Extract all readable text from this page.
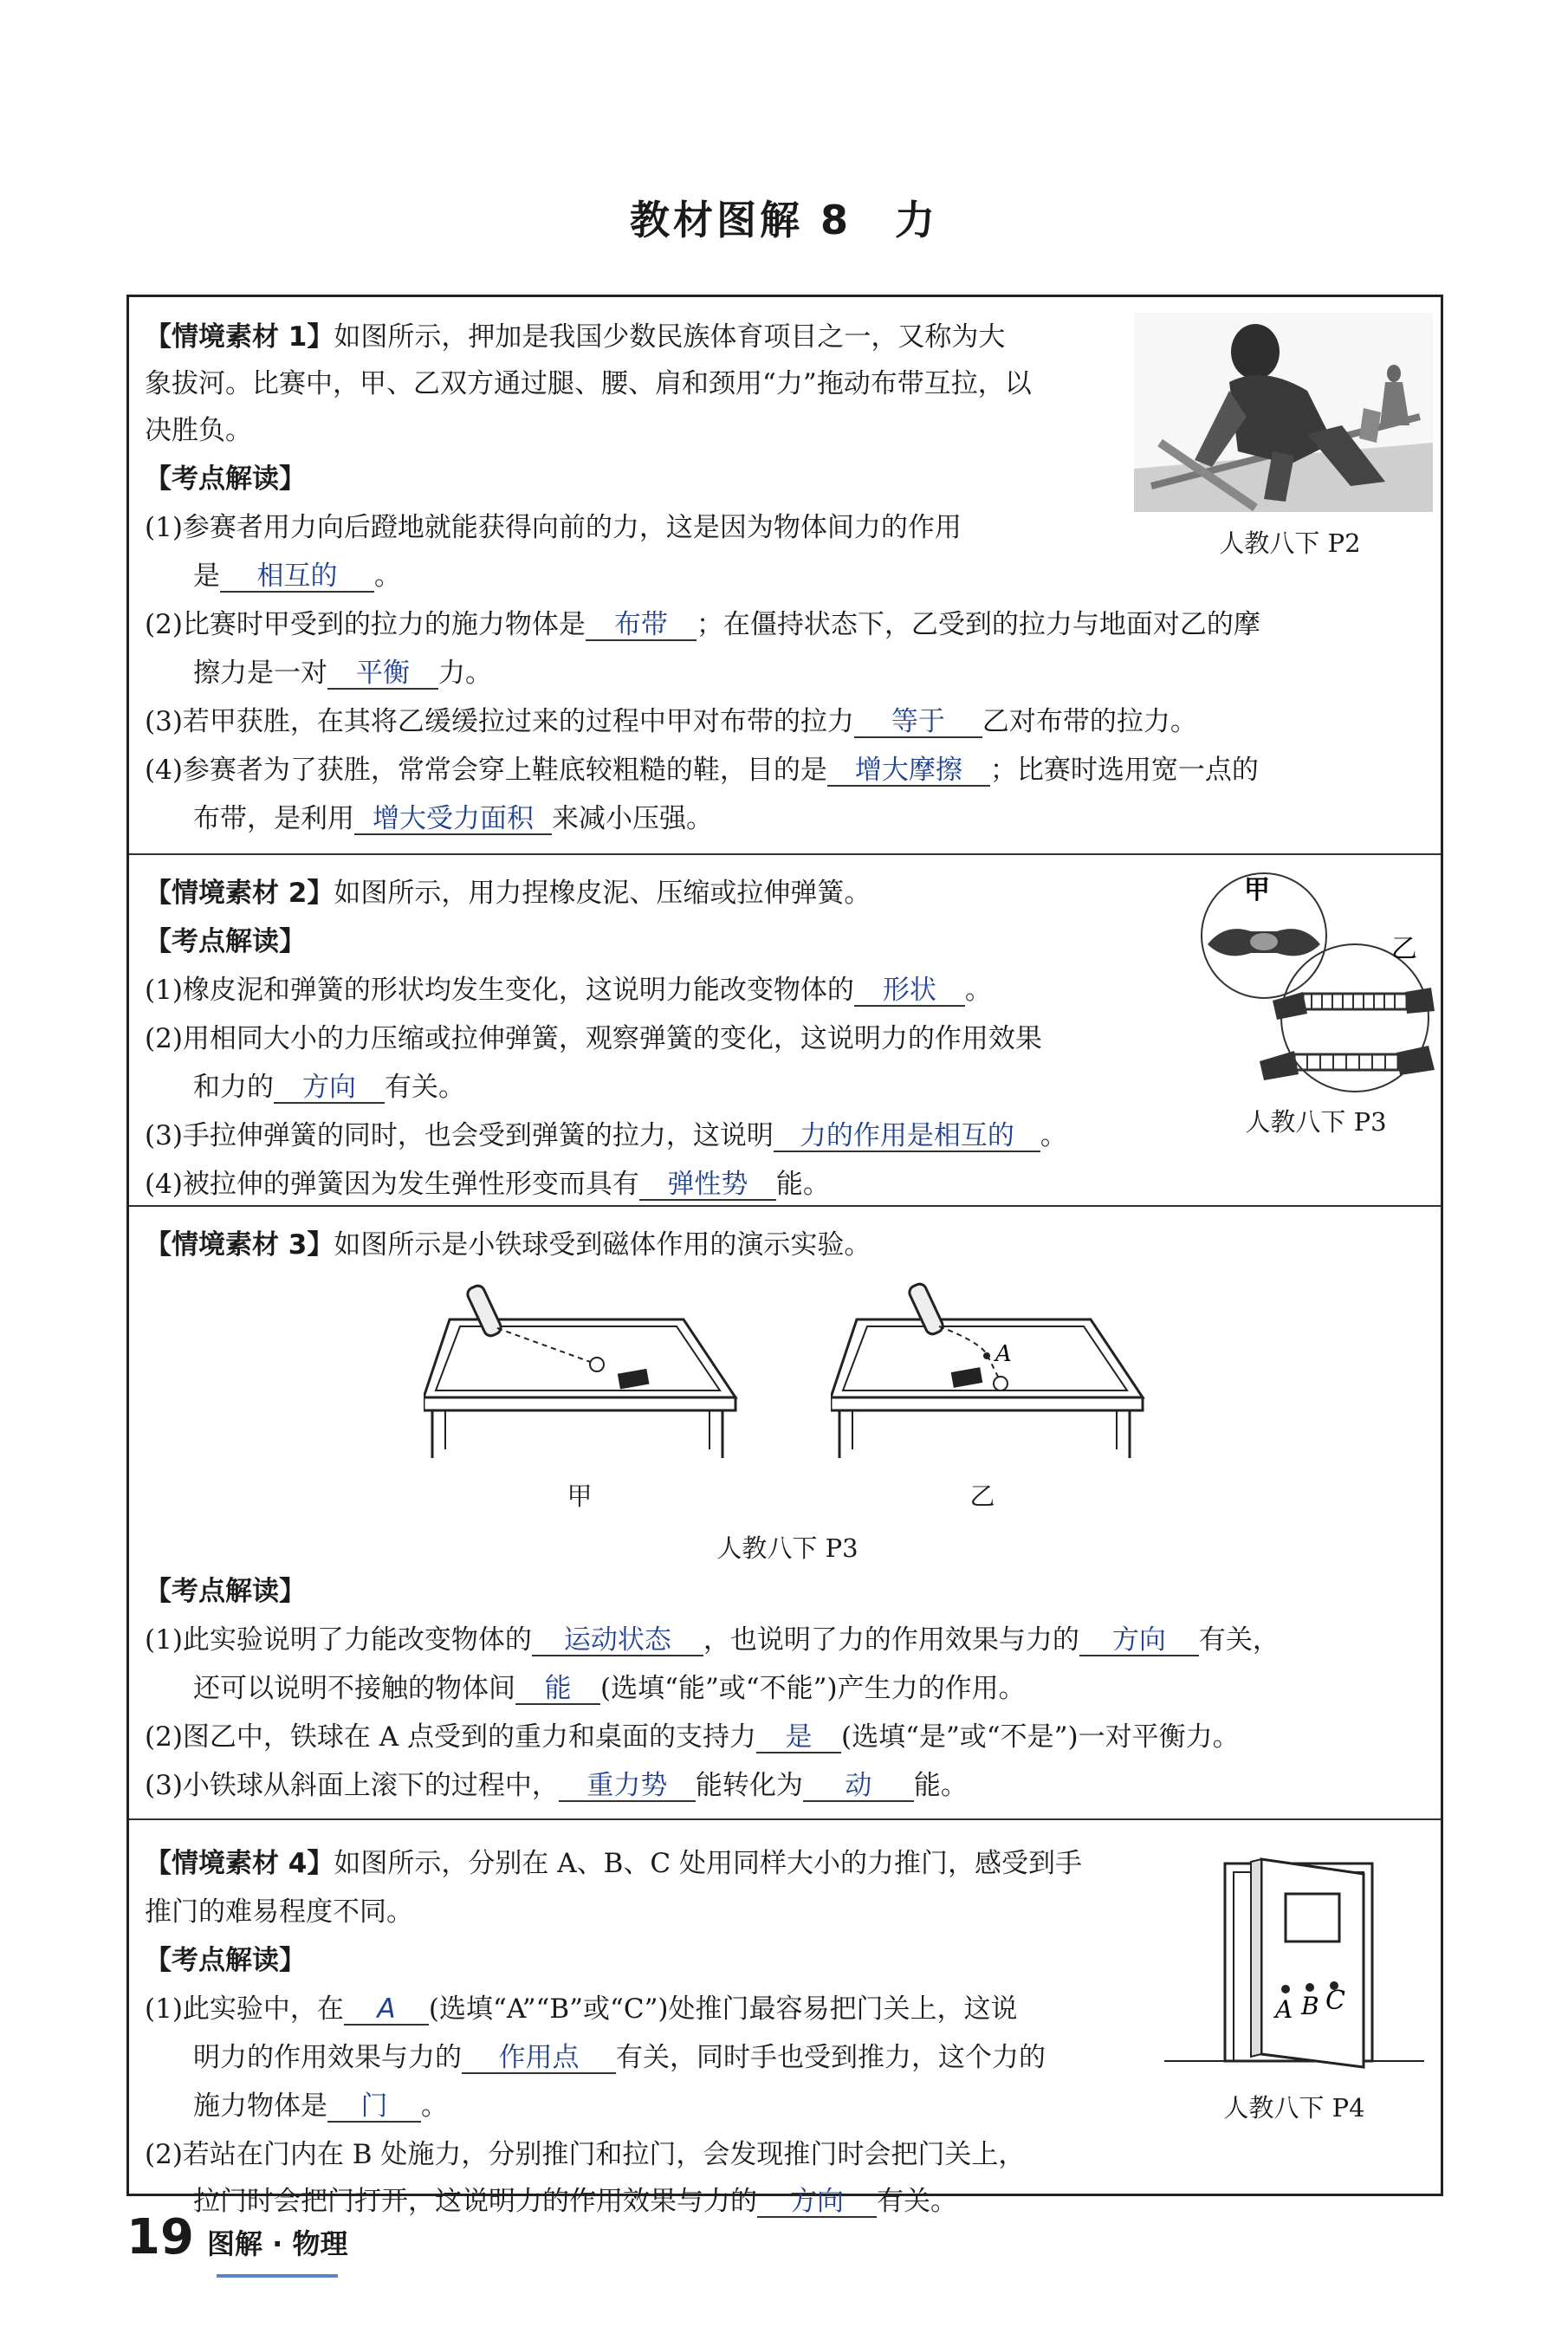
教材图解 8　力
【情境素材 1】如图所示，押加是我国少数民族体育项目之一，又称为大
象拔河。比赛中，甲、乙双方通过腿、腰、肩和颈用“力”拖动布带互拉，以
决胜负。
【考点解读】
(1)参赛者用力向后蹬地就能获得向前的力，这是因为物体间力的作用
是 相互的 。
(2)比赛时甲受到的拉力的施力物体是 布带 ；在僵持状态下，乙受到的拉力与地面对乙的摩
擦力是一对 平衡 力。
(3)若甲获胜，在其将乙缓缓拉过来的过程中甲对布带的拉力 等于 乙对布带的拉力。
(4)参赛者为了获胜，常常会穿上鞋底较粗糙的鞋，目的是 增大摩擦 ；比赛时选用宽一点的
布带，是利用 增大受力面积 来减小压强。
人教八下 P2
【情境素材 2】如图所示，用力捏橡皮泥、压缩或拉伸弹簧。
【考点解读】
(1)橡皮泥和弹簧的形状均发生变化，这说明力能改变物体的 形状 。
(2)用相同大小的力压缩或拉伸弹簧，观察弹簧的变化，这说明力的作用效果
和力的 方向 有关。
(3)手拉伸弹簧的同时，也会受到弹簧的拉力，这说明 力的作用是相互的 。
(4)被拉伸的弹簧因为发生弹性形变而具有 弹性势 能。
甲
乙
人教八下 P3
【情境素材 3】如图所示是小铁球受到磁体作用的演示实验。
甲
A
乙
人教八下 P3
【考点解读】
(1)此实验说明了力能改变物体的 运动状态 ，也说明了力的作用效果与力的 方向 有关，
还可以说明不接触的物体间 能 (选填“能”或“不能”)产生力的作用。
(2)图乙中，铁球在 A 点受到的重力和桌面的支持力 是 (选填“是”或“不是”)一对平衡力。
(3)小铁球从斜面上滚下的过程中， 重力势 能转化为 动 能。
【情境素材 4】如图所示，分别在 A、B、C 处用同样大小的力推门，感受到手
推门的难易程度不同。
【考点解读】
(1)此实验中，在 A (选填“A”“B”或“C”)处推门最容易把门关上，这说
明力的作用效果与力的 作用点 有关，同时手也受到推力，这个力的
施力物体是 门 。
(2)若站在门内在 B 处施力，分别推门和拉门，会发现推门时会把门关上，
拉门时会把门打开，这说明力的作用效果与力的 方向 有关。
A B C
人教八下 P4
19 图解 · 物理
